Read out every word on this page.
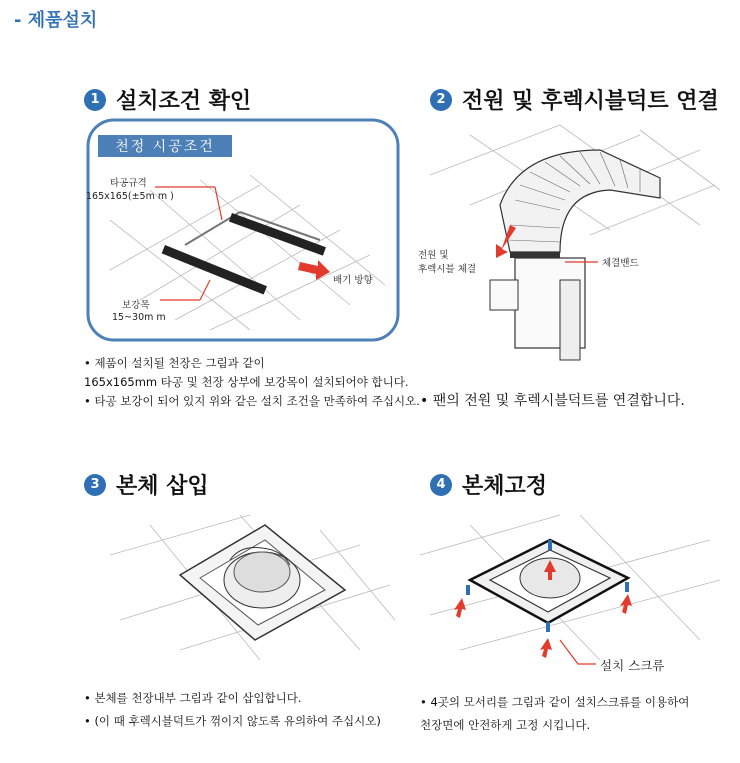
- 제품설치
1 설치조건 확인
타공규격
165x165(±5m m )
배기 방향
보강목
15~30m m
천정 시공조건
• 제품이 설치될 천장은 그림과 같이
165x165mm 타공 및 천장 상부에 보강목이 설치되어야 합니다.
• 타공 보강이 되어 있지 위와 같은 설치 조건을 만족하여 주십시오.
2 전원 및 후렉시블덕트 연결
전원 및
후렉시블 체결
체결밴드
• 팬의 전원 및 후렉시블덕트를 연결합니다.
3 본체 삽입
• 본체를 천장내부 그림과 같이 삽입합니다.
• (이 때 후렉시블덕트가 꺾이지 않도록 유의하여 주십시오)
4 본체고정
설치 스크류
• 4곳의 모서리를 그림과 같이 설치스크류를 이용하여
천장면에 안전하게 고정 시킵니다.
